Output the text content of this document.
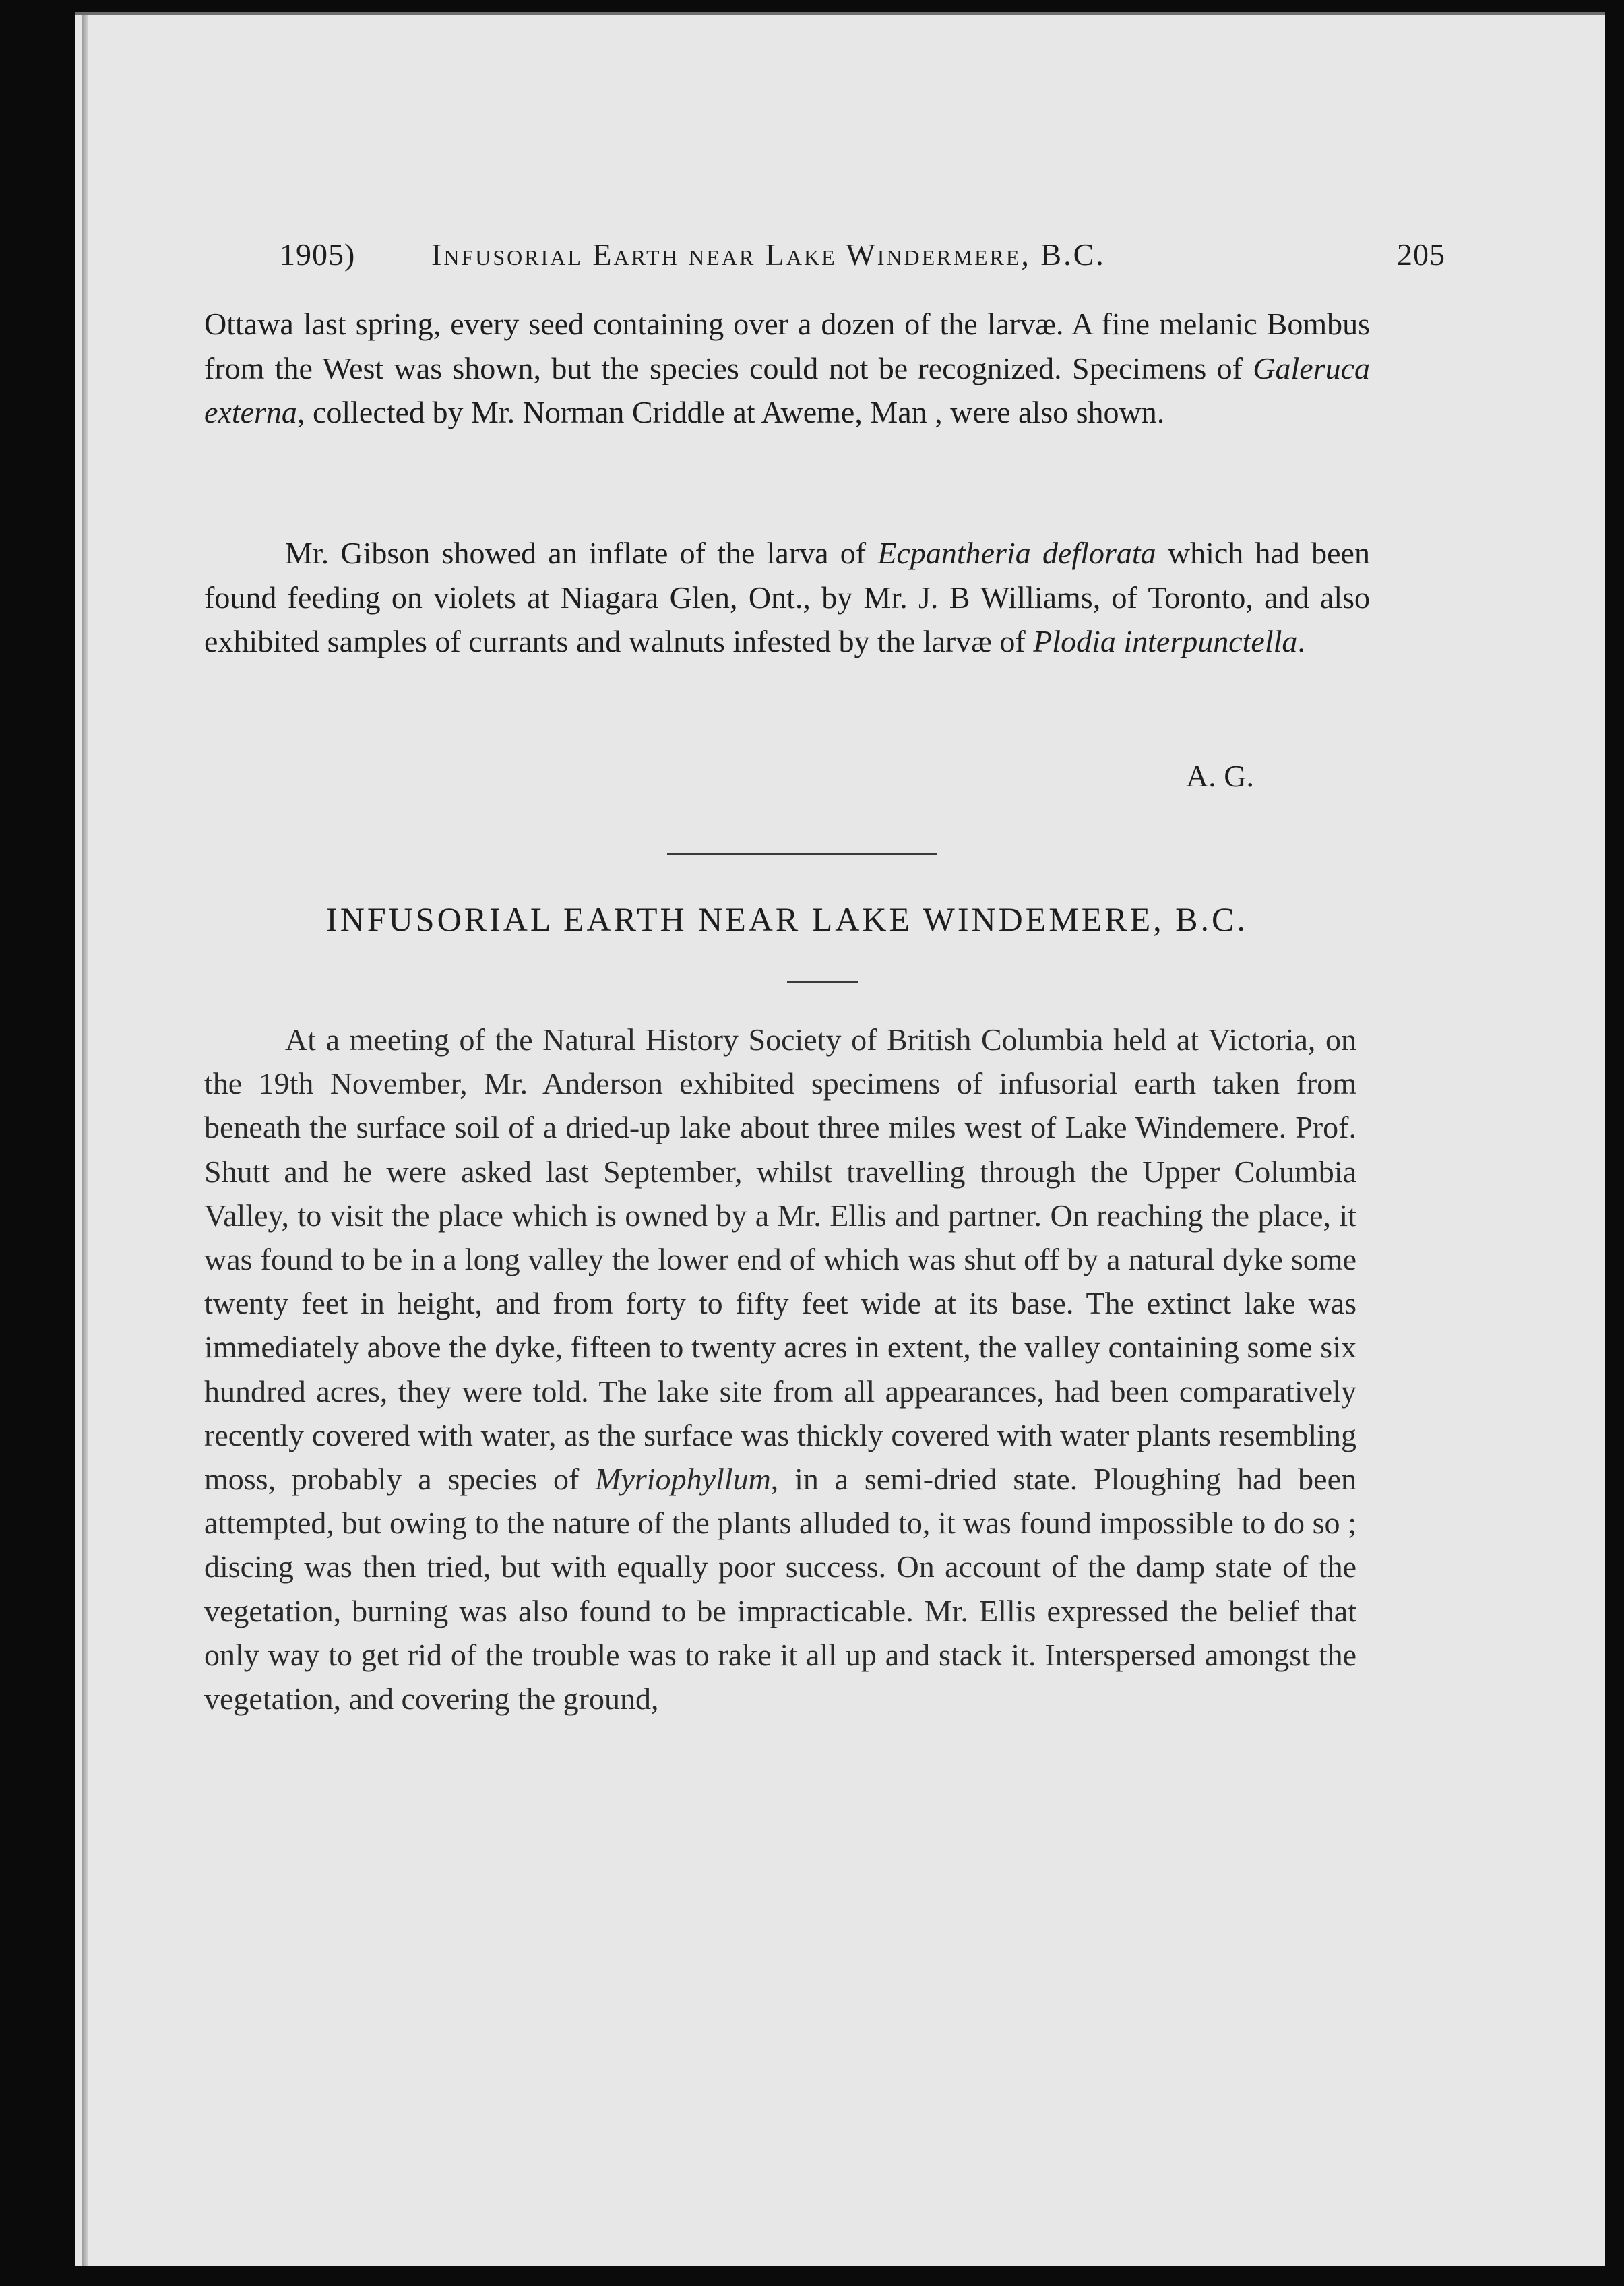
1905) Infusorial Earth near Lake Windermere, B.C.	205

Ottawa last spring, every seed containing over a dozen of the larvæ. A fine melanic Bombus from the West was shown, but the species could not be recognized. Specimens of Galeruca externa, collected by Mr. Norman Criddle at Aweme, Man , were also shown.

Mr. Gibson showed an inflate of the larva of Ecpantheria deflorata which had been found feeding on violets at Niagara Glen, Ont., by Mr. J. B Williams, of Toronto, and also exhibited samples of currants and walnuts infested by the larvæ of Plodia interpunctella.

A. G.
INFUSORIAL EARTH NEAR LAKE WINDEMERE, B.C.

At a meeting of the Natural History Society of British Columbia held at Victoria, on the 19th November, Mr. Anderson exhibited specimens of infusorial earth taken from beneath the surface soil of a dried-up lake about three miles west of Lake Windemere. Prof. Shutt and he were asked last September, whilst travelling through the Upper Columbia Valley, to visit the place which is owned by a Mr. Ellis and partner. On reaching the place, it was found to be in a long valley the lower end of which was shut off by a natural dyke some twenty feet in height, and from forty to fifty feet wide at its base. The extinct lake was immediately above the dyke, fifteen to twenty acres in extent, the valley containing some six hundred acres, they were told. The lake site from all appearances, had been comparatively recently covered with water, as the surface was thickly covered with water plants resembling moss, probably a species of Myriophyllum, in a semi-dried state. Ploughing had been attempted, but owing to the nature of the plants alluded to, it was found impossible to do so ; discing was then tried, but with equally poor success. On account of the damp state of the vegetation, burning was also found to be impracticable. Mr. Ellis expressed the belief that only way to get rid of the trouble was to rake it all up and stack it. Interspersed amongst the vegetation, and covering the ground,
